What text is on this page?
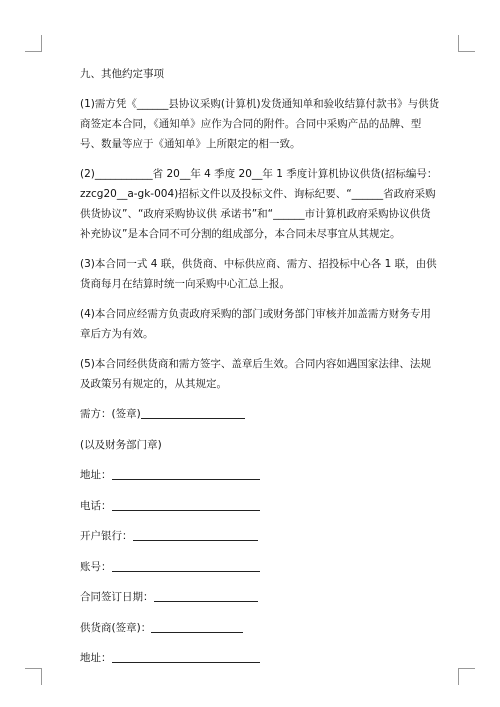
九、其他约定事项

(1)需方凭《______县协议采购(计算机)发货通知单和验收结算付款书》与供货商签定本合同，《通知单》应作为合同的附件。合同中采购产品的品牌、型号、数量等应于《通知单》上所限定的相一致。

(2)___________省 20__年 4 季度 20__年 1 季度计算机协议供货(招标编号：zzcg20__a-gk-004)招标文件以及投标文件、询标纪要、“______省政府采购供货协议”、“政府采购协议供 承诺书”和“______市计算机政府采购协议供货补充协议”是本合同不可分割的组成部分，本合同未尽事宜从其规定。

(3)本合同一式 4 联，供货商、中标供应商、需方、招投标中心各 1 联，由供货商每月在结算时统一向采购中心汇总上报。

(4)本合同应经需方负责政府采购的部门或财务部门审核并加盖需方财务专用章后方为有效。

(5)本合同经供货商和需方签字、盖章后生效。合同内容如遇国家法律、法规及政策另有规定的，从其规定。

需方：(签章)
(以及财务部门章)
地址：
电话：
开户银行：
账号：
合同签订日期：
供货商(签章)：
地址：
